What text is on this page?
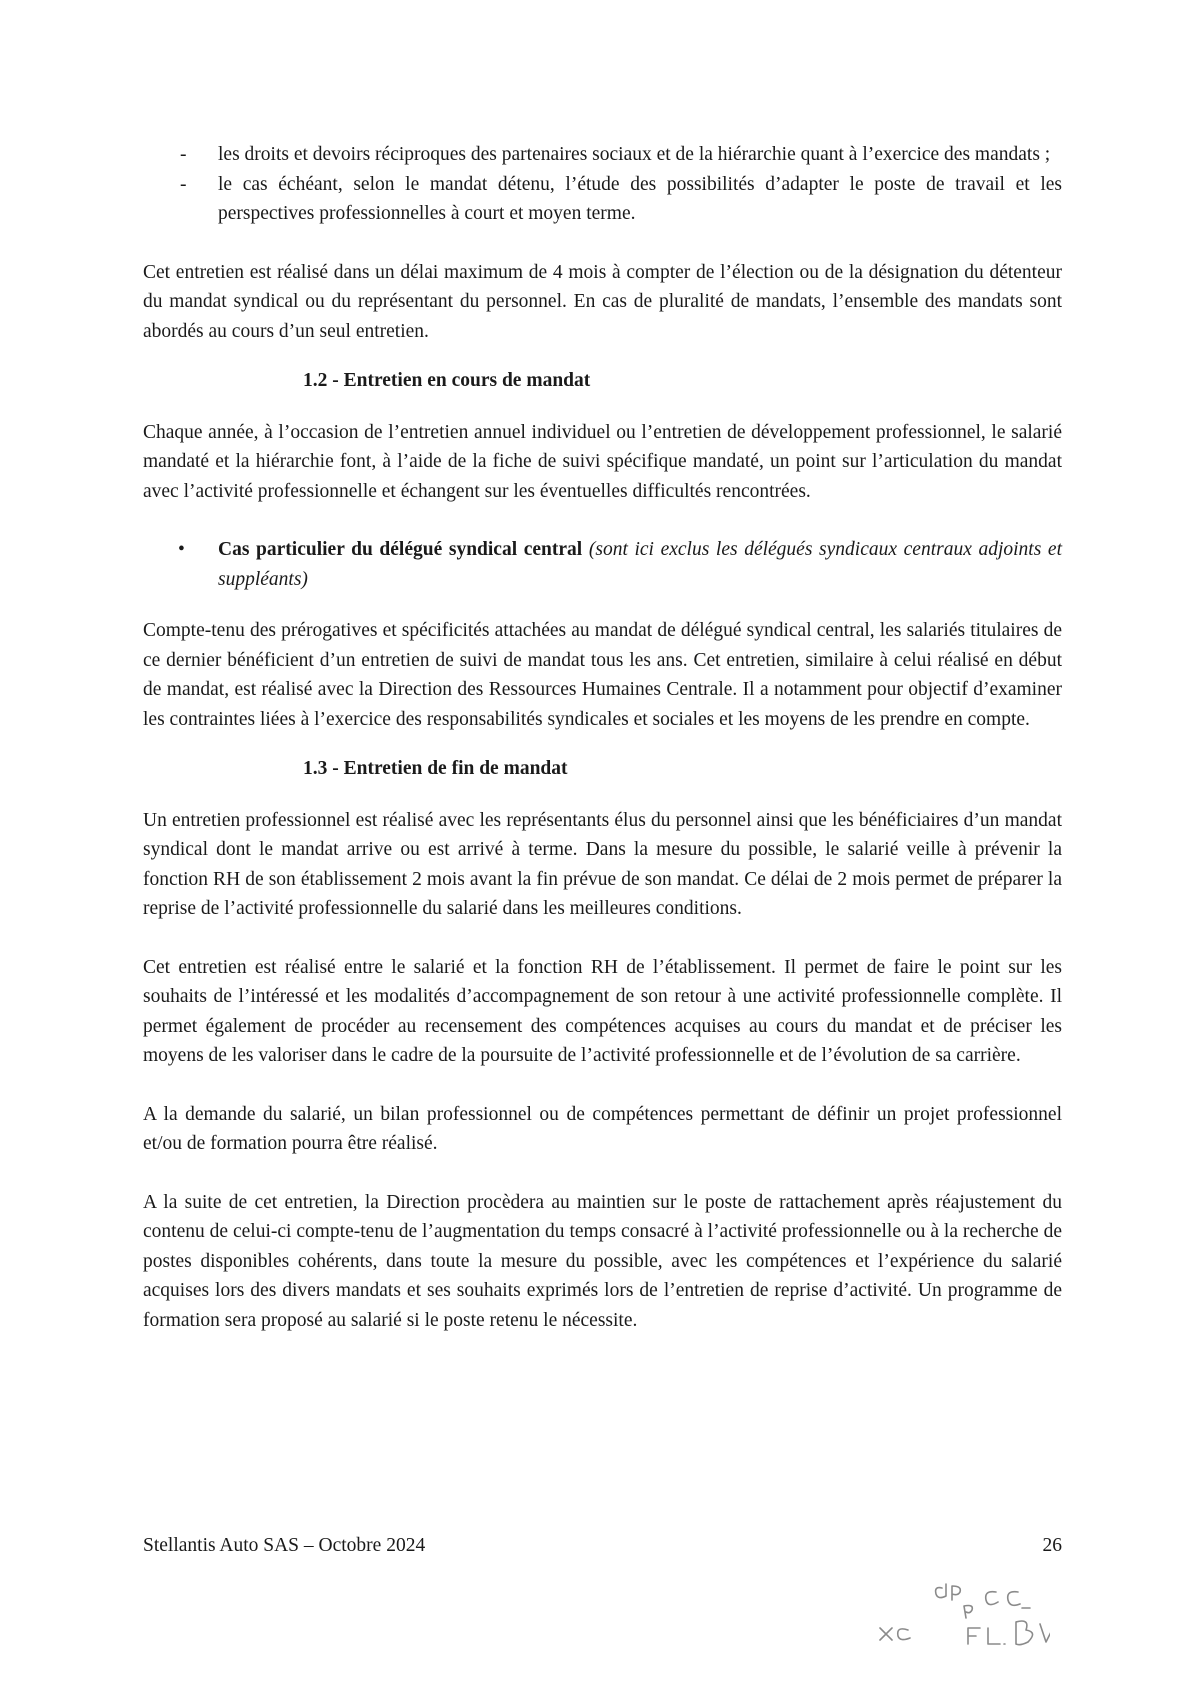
- les droits et devoirs réciproques des partenaires sociaux et de la hiérarchie quant à l’exercice des mandats ;
- le cas échéant, selon le mandat détenu, l’étude des possibilités d’adapter le poste de travail et les perspectives professionnelles à court et moyen terme.

Cet entretien est réalisé dans un délai maximum de 4 mois à compter de l’élection ou de la désignation du détenteur du mandat syndical ou du représentant du personnel. En cas de pluralité de mandats, l’ensemble des mandats sont abordés au cours d’un seul entretien.

1.2 - Entretien en cours de mandat

Chaque année, à l’occasion de l’entretien annuel individuel ou l’entretien de développement professionnel, le salarié mandaté et la hiérarchie font, à l’aide de la fiche de suivi spécifique mandaté, un point sur l’articulation du mandat avec l’activité professionnelle et échangent sur les éventuelles difficultés rencontrées.

• Cas particulier du délégué syndical central (sont ici exclus les délégués syndicaux centraux adjoints et suppléants)

Compte-tenu des prérogatives et spécificités attachées au mandat de délégué syndical central, les salariés titulaires de ce dernier bénéficient d’un entretien de suivi de mandat tous les ans. Cet entretien, similaire à celui réalisé en début de mandat, est réalisé avec la Direction des Ressources Humaines Centrale. Il a notamment pour objectif d’examiner les contraintes liées à l’exercice des responsabilités syndicales et sociales et les moyens de les prendre en compte.

1.3 - Entretien de fin de mandat

Un entretien professionnel est réalisé avec les représentants élus du personnel ainsi que les bénéficiaires d’un mandat syndical dont le mandat arrive ou est arrivé à terme. Dans la mesure du possible, le salarié veille à prévenir la fonction RH de son établissement 2 mois avant la fin prévue de son mandat. Ce délai de 2 mois permet de préparer la reprise de l’activité professionnelle du salarié dans les meilleures conditions.

Cet entretien est réalisé entre le salarié et la fonction RH de l’établissement. Il permet de faire le point sur les souhaits de l’intéressé et les modalités d’accompagnement de son retour à une activité professionnelle complète. Il permet également de procéder au recensement des compétences acquises au cours du mandat et de préciser les moyens de les valoriser dans le cadre de la poursuite de l’activité professionnelle et de l’évolution de sa carrière.

A la demande du salarié, un bilan professionnel ou de compétences permettant de définir un projet professionnel et/ou de formation pourra être réalisé.

A la suite de cet entretien, la Direction procèdera au maintien sur le poste de rattachement après réajustement du contenu de celui-ci compte-tenu de l’augmentation du temps consacré à l’activité professionnelle ou à la recherche de postes disponibles cohérents, dans toute la mesure du possible, avec les compétences et l’expérience du salarié acquises lors des divers mandats et ses souhaits exprimés lors de l’entretien de reprise d’activité. Un programme de formation sera proposé au salarié si le poste retenu le nécessite.

Stellantis Auto SAS – Octobre 2024	26
